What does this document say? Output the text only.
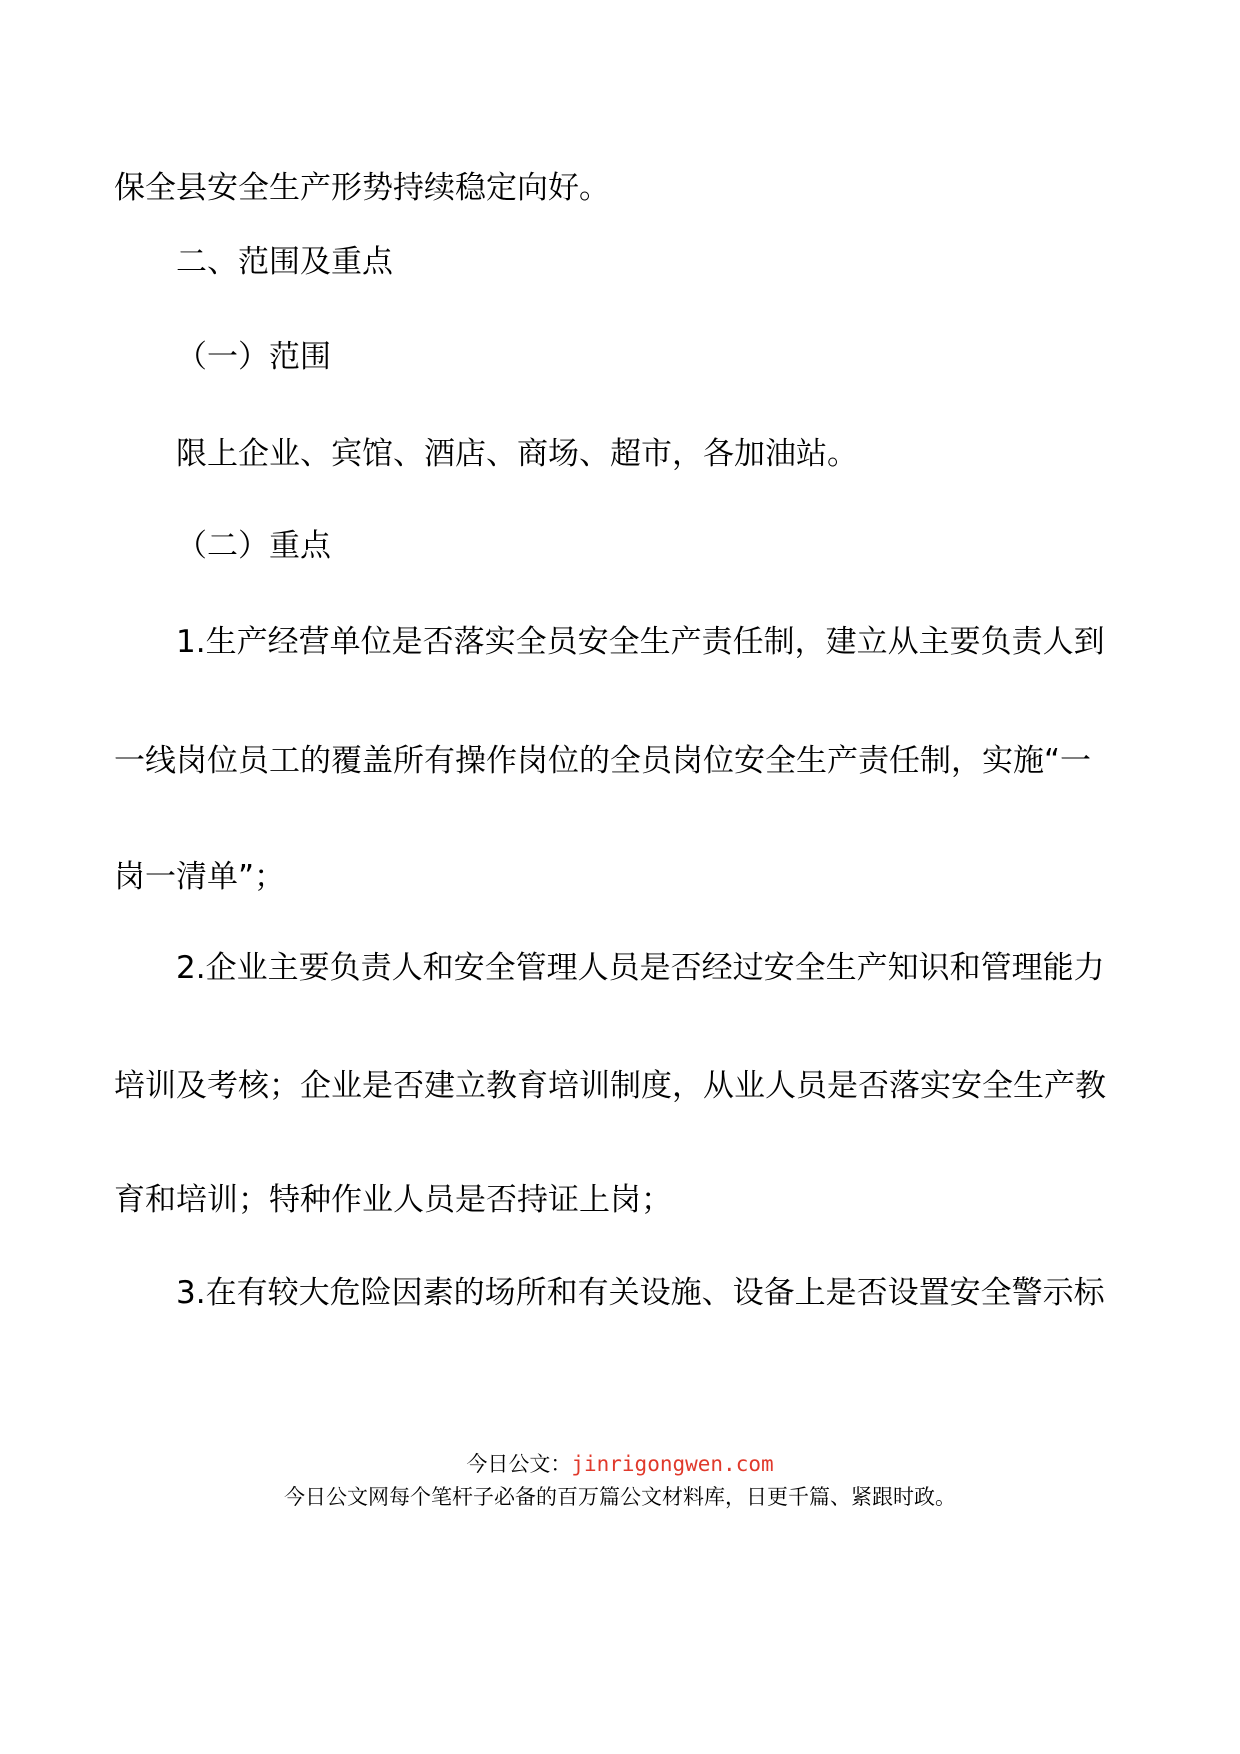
保全县安全生产形势持续稳定向好。

二、范围及重点

（一）范围

限上企业、宾馆、酒店、商场、超市，各加油站。

（二）重点

1.生产经营单位是否落实全员安全生产责任制，建立从主要负责人到

一线岗位员工的覆盖所有操作岗位的全员岗位安全生产责任制，实施“一

岗一清单”；

2.企业主要负责人和安全管理人员是否经过安全生产知识和管理能力

培训及考核；企业是否建立教育培训制度，从业人员是否落实安全生产教

育和培训；特种作业人员是否持证上岗；

3.在有较大危险因素的场所和有关设施、设备上是否设置安全警示标

今日公文：jinrigongwen.com
今日公文网每个笔杆子必备的百万篇公文材料库，日更千篇、紧跟时政。
